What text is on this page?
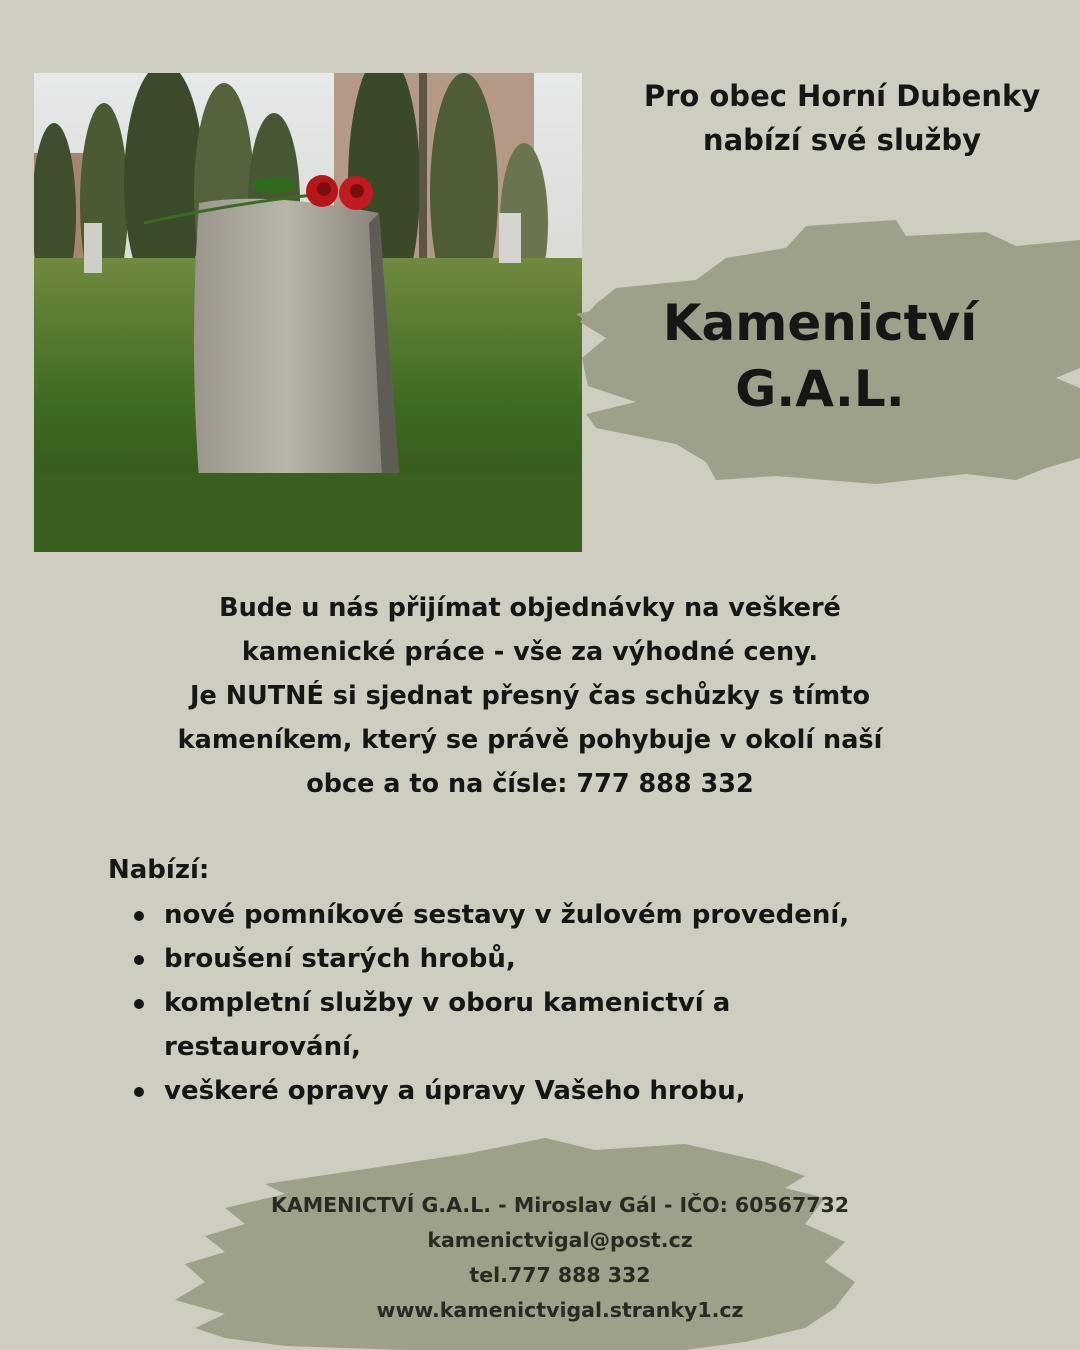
Pro obec Horní Dubenky
nabízí své služby
Kamenictví
G.A.L.
Bude u nás přijímat objednávky na veškeré
kamenické práce - vše za výhodné ceny.
Je NUTNÉ si sjednat přesný čas schůzky s tímto
kameníkem, který se právě pohybuje v okolí naší
obce a to na čísle: 777 888 332
Nabízí:
nové pomníkové sestavy v žulovém provedení,
broušení starých hrobů,
kompletní služby v oboru kamenictví a
restaurování,
veškeré opravy a úpravy Vašeho hrobu,
KAMENICTVÍ G.A.L. - Miroslav Gál - IČO: 60567732
kamenictvigal@post.cz
tel.777 888 332
www.kamenictvigal.stranky1.cz
